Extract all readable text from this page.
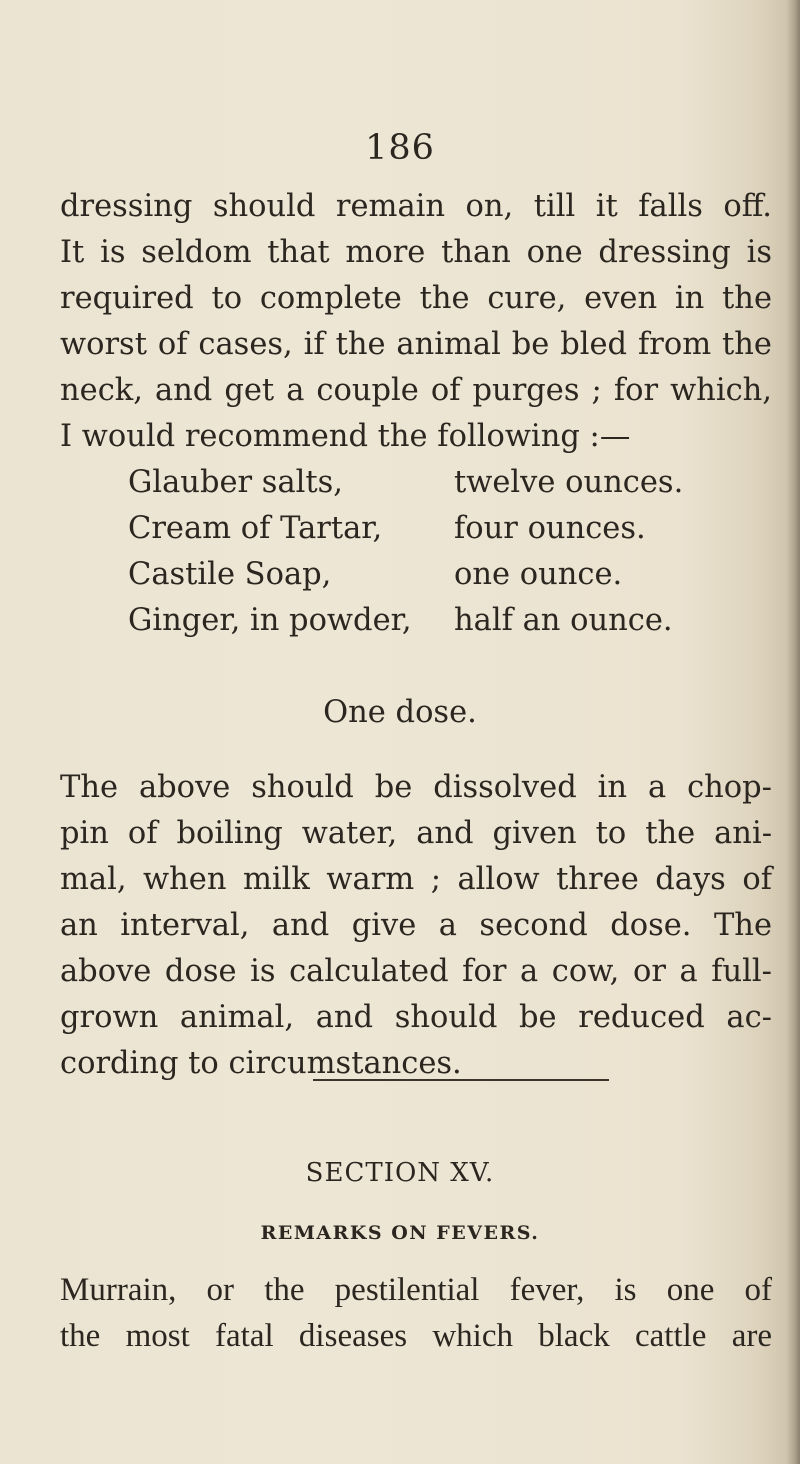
186

dressing should remain on, till it falls off.
It is seldom that more than one dressing is
required to complete the cure, even in the
worst of cases, if the animal be bled from the
neck, and get a couple of purges ; for which,
I would recommend the following :—

Glauber salts,	twelve ounces.
Cream of Tartar, four ounces.
Castile Soap,	one ounce.
Ginger, in powder, half an ounce.
One dose.

The above should be dissolved in a chop-
pin of boiling water, and given to the ani-
mal, when milk warm ; allow three days of
an interval, and give a second dose. The
above dose is calculated for a cow, or a full-
grown animal, and should be reduced ac-
cording to circumstances.

SECTION XV.
REMARKS ON FEVERS.

Murrain, or the pestilential fever, is one of
the most fatal diseases which black cattle are
